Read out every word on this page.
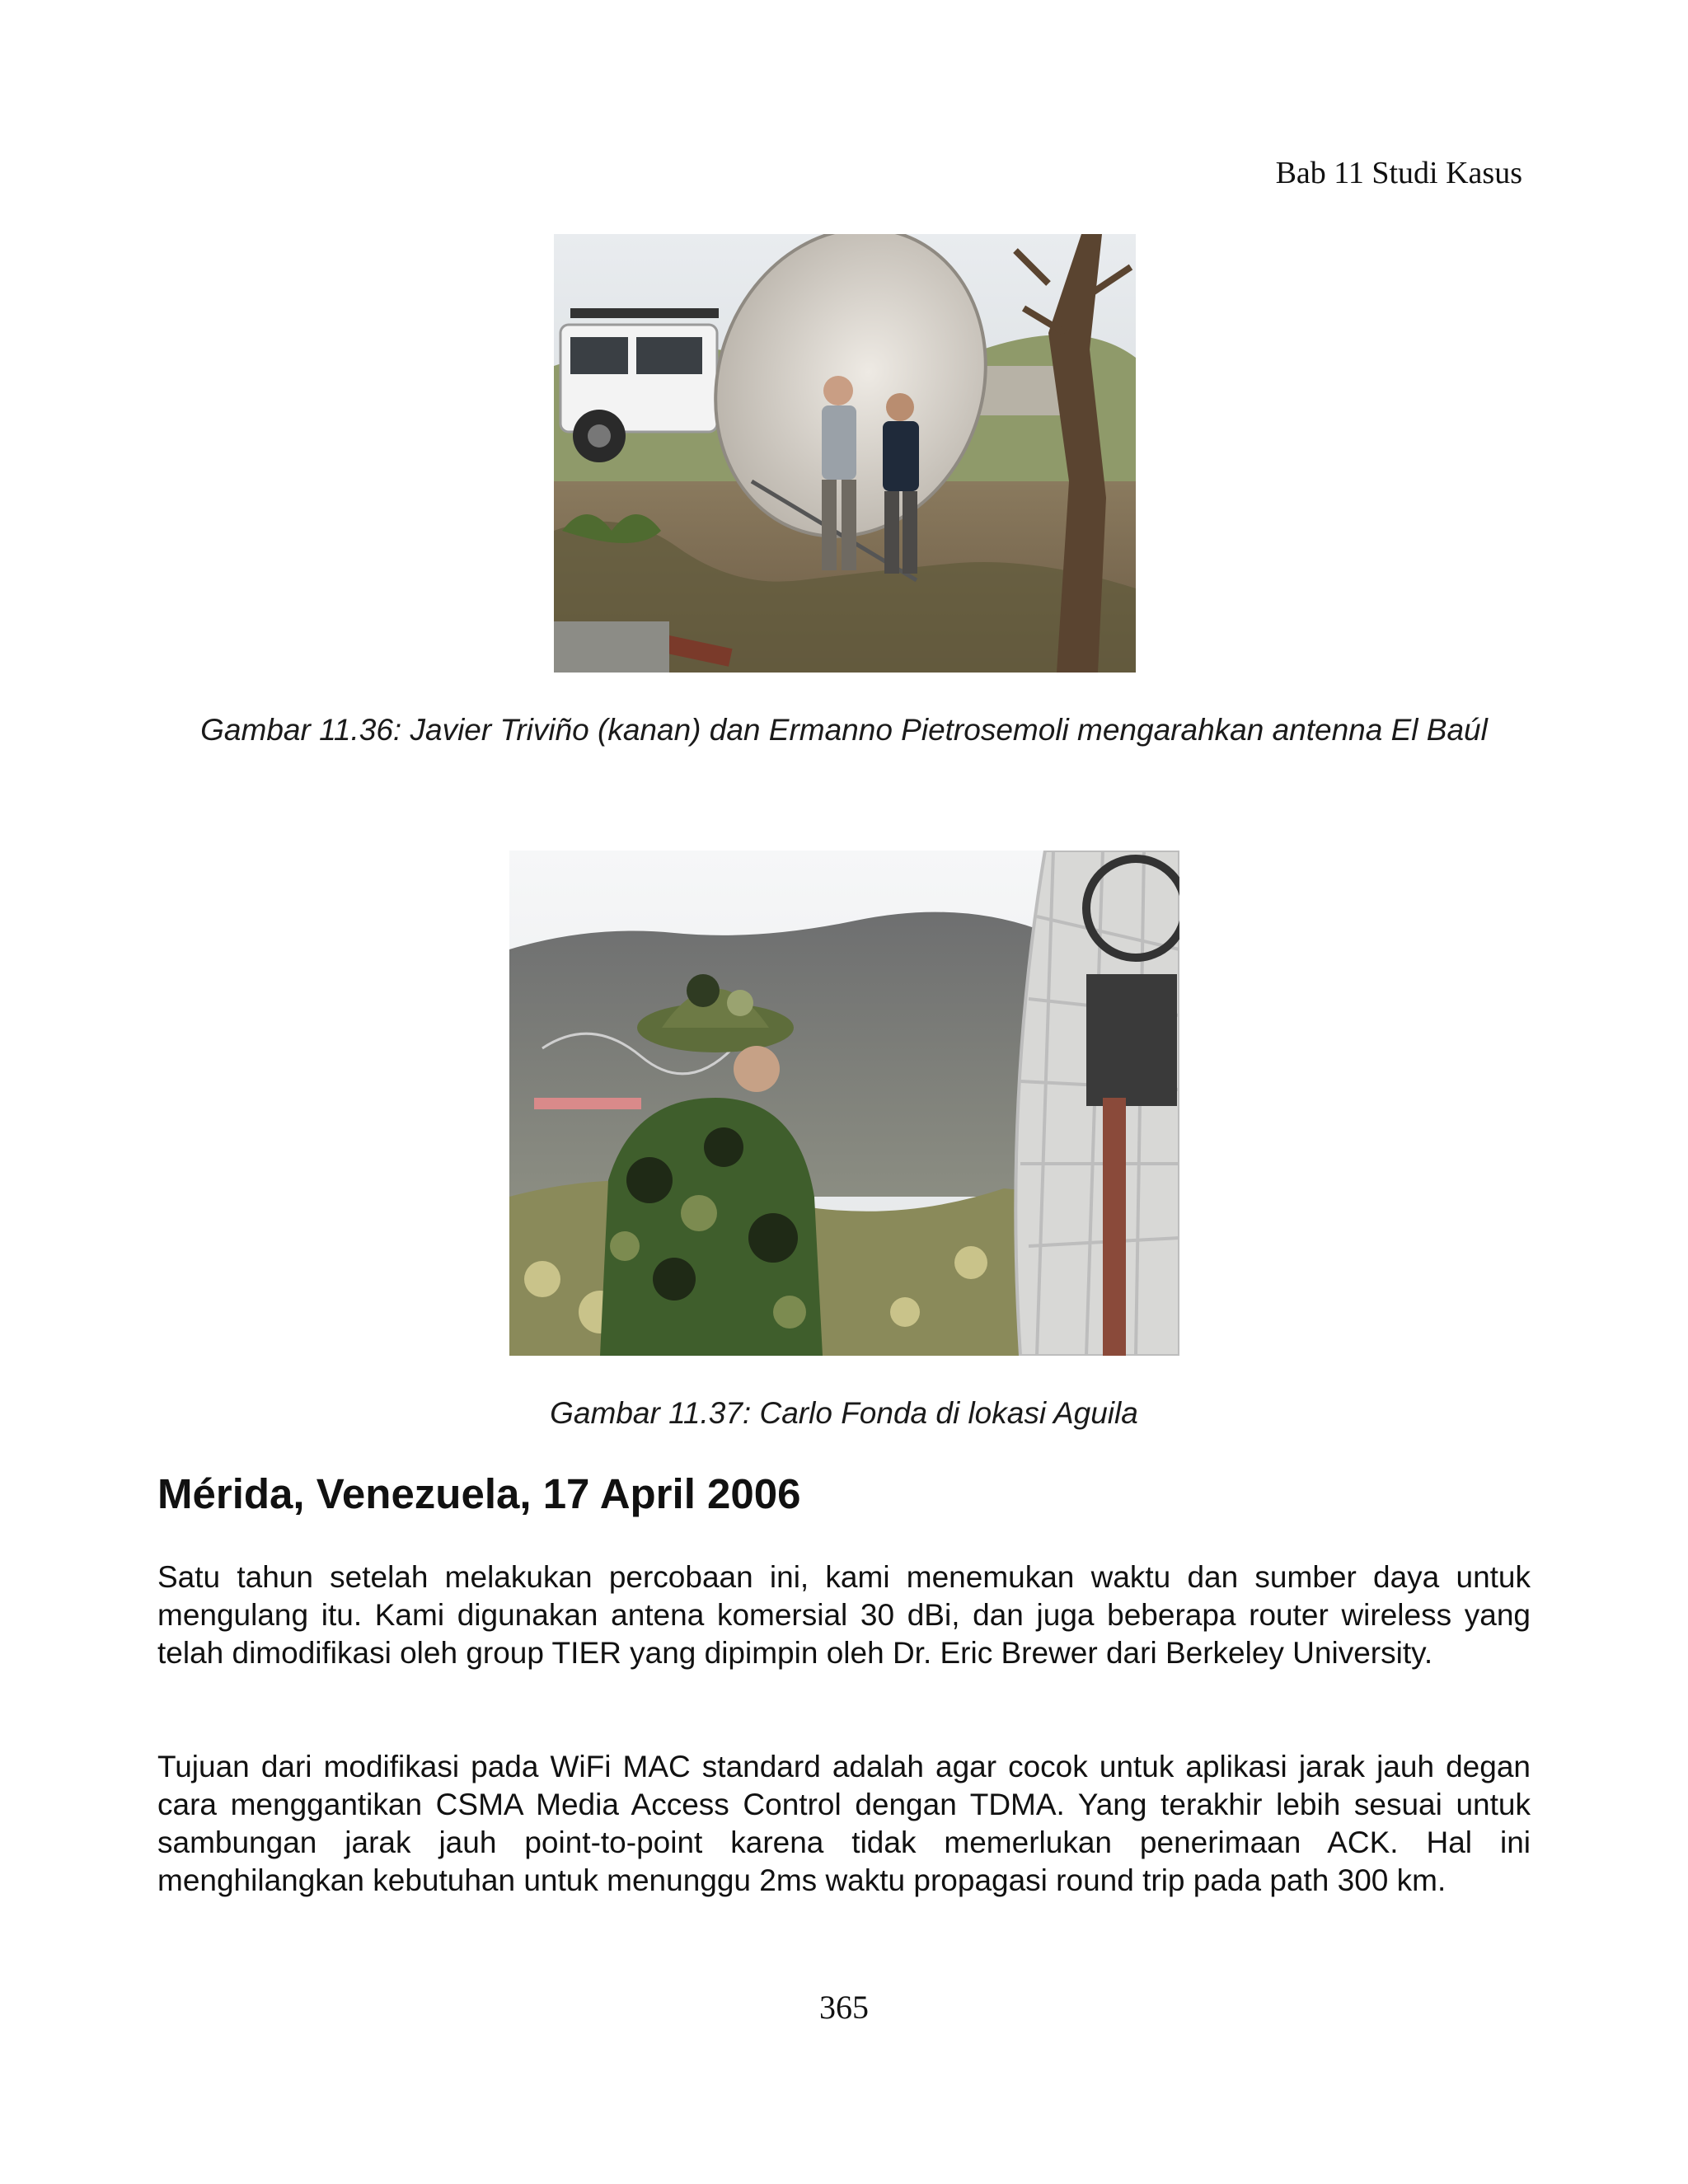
Bab 11 Studi Kasus
Gambar 11.36: Javier Triviño (kanan) dan Ermanno Pietrosemoli mengarahkan antenna El Baúl
Gambar 11.37: Carlo Fonda di lokasi Aguila
Mérida, Venezuela, 17 April 2006

Satu tahun setelah melakukan percobaan ini, kami menemukan waktu dan sumber daya untuk mengulang itu. Kami digunakan antena komersial 30 dBi, dan juga beberapa router wireless yang telah dimodifikasi oleh group TIER yang dipimpin oleh Dr. Eric Brewer dari Berkeley University.

Tujuan dari modifikasi pada WiFi MAC standard adalah agar cocok untuk aplikasi jarak jauh degan cara menggantikan CSMA Media Access Control dengan TDMA. Yang terakhir lebih sesuai untuk sambungan jarak jauh point-to-point karena tidak memerlukan penerimaan ACK. Hal ini menghilangkan kebutuhan untuk menunggu 2ms waktu propagasi round trip pada path 300 km.

365
